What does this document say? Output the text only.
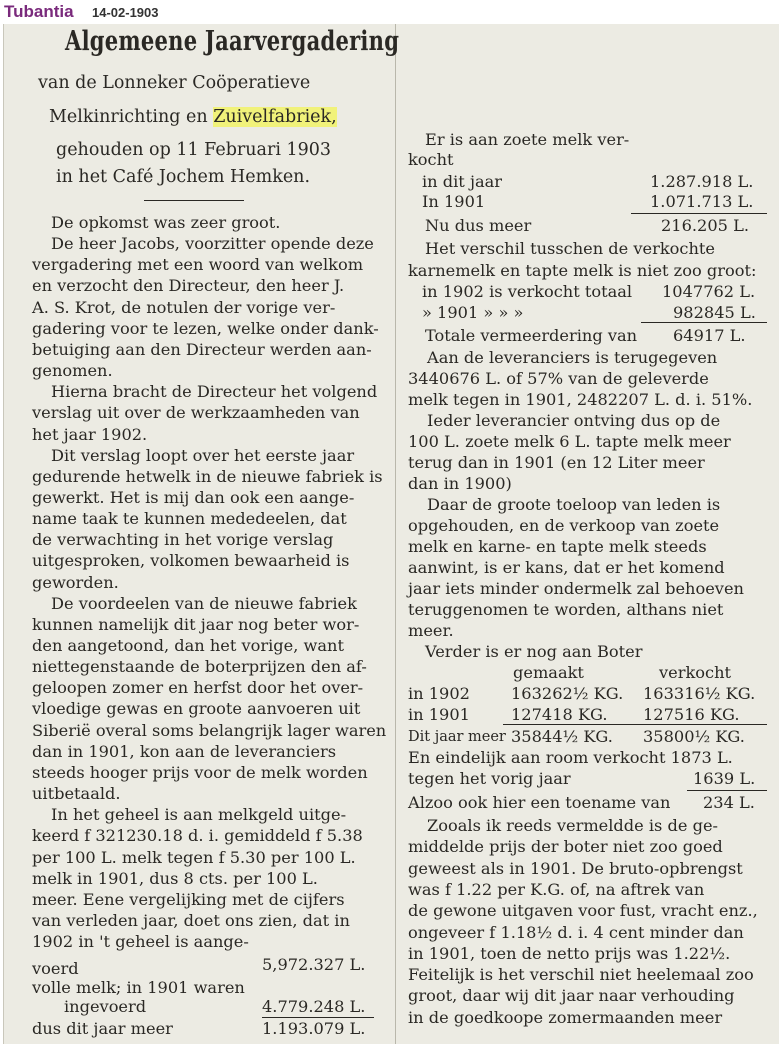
Tubantia 14-02-1903
Algemeene Jaarvergadering
van de Lonneker Coöperatieve
Melkinrichting en Zuivelfabriek,
gehouden op 11 Februari 1903
in het Café Jochem Hemken.
De opkomst was zeer groot.
De heer Jacobs, voorzitter opende deze
vergadering met een woord van welkom
en verzocht den Directeur, den heer J.
A. S. Krot, de notulen der vorige ver-
gadering voor te lezen, welke onder dank-
betuiging aan den Directeur werden aan-
genomen.
Hierna bracht de Directeur het volgend
verslag uit over de werkzaamheden van
het jaar 1902.
Dit verslag loopt over het eerste jaar
gedurende hetwelk in de nieuwe fabriek is
gewerkt. Het is mij dan ook een aange-
name taak te kunnen mededeelen, dat
de verwachting in het vorige verslag
uitgesproken, volkomen bewaarheid is
geworden.
De voordeelen van de nieuwe fabriek
kunnen namelijk dit jaar nog beter wor-
den aangetoond, dan het vorige, want
niettegenstaande de boterprijzen den af-
geloopen zomer en herfst door het over-
vloedige gewas en groote aanvoeren uit
Siberië overal soms belangrijk lager waren
dan in 1901, kon aan de leveranciers
steeds hooger prijs voor de melk worden
uitbetaald.
In het geheel is aan melkgeld uitge-
keerd f 321230.18 d. i. gemiddeld f 5.38
per 100 L. melk tegen f 5.30 per 100 L.
melk in 1901, dus 8 cts. per 100 L.
meer. Eene vergelijking met de cijfers
van verleden jaar, doet ons zien, dat in
1902 in 't geheel is aange-
voerd	5,972.327 L.
volle melk; in 1901 waren
ingevoerd	4.779.248 L.
dus dit jaar meer	1.193.079 L.
Er is aan zoete melk ver-
kocht
in dit jaar	1.287.918 L.
In 1901	1.071.713 L.
Nu dus meer	216.205 L.
Het verschil tusschen de verkochte
karnemelk en tapte melk is niet zoo groot:
in 1902 is verkocht totaal 1047762 L.
» 1901 » » »	982845 L.
Totale vermeerdering van 64917 L.
Aan de leveranciers is terugegeven
3440676 L. of 57% van de geleverde
melk tegen in 1901, 2482207 L. d. i. 51%.
Ieder leverancier ontving dus op de
100 L. zoete melk 6 L. tapte melk meer
terug dan in 1901 (en 12 Liter meer
dan in 1900)
Daar de groote toeloop van leden is
opgehouden, en de verkoop van zoete
melk en karne- en tapte melk steeds
aanwint, is er kans, dat er het komend
jaar iets minder ondermelk zal behoeven
teruggenomen te worden, althans niet
meer.
Verder is er nog aan Boter
gemaakt	verkocht
in 1902	163262½ KG. 163316½ KG.
in 1901	127418 KG. 127516 KG.
Dit jaar meer 35844½ KG. 35800½ KG.
En eindelijk aan room verkocht 1873 L.
tegen het vorig jaar	1639 L.
Alzoo ook hier een toename van 234 L.
Zooals ik reeds vermeldde is de ge-
middelde prijs der boter niet zoo goed
geweest als in 1901. De bruto-opbrengst
was f 1.22 per K.G. of, na aftrek van
de gewone uitgaven voor fust, vracht enz.,
ongeveer f 1.18½ d. i. 4 cent minder dan
in 1901, toen de netto prijs was 1.22½.
Feitelijk is het verschil niet heelemaal zoo
groot, daar wij dit jaar naar verhouding
in de goedkoope zomermaanden meer
